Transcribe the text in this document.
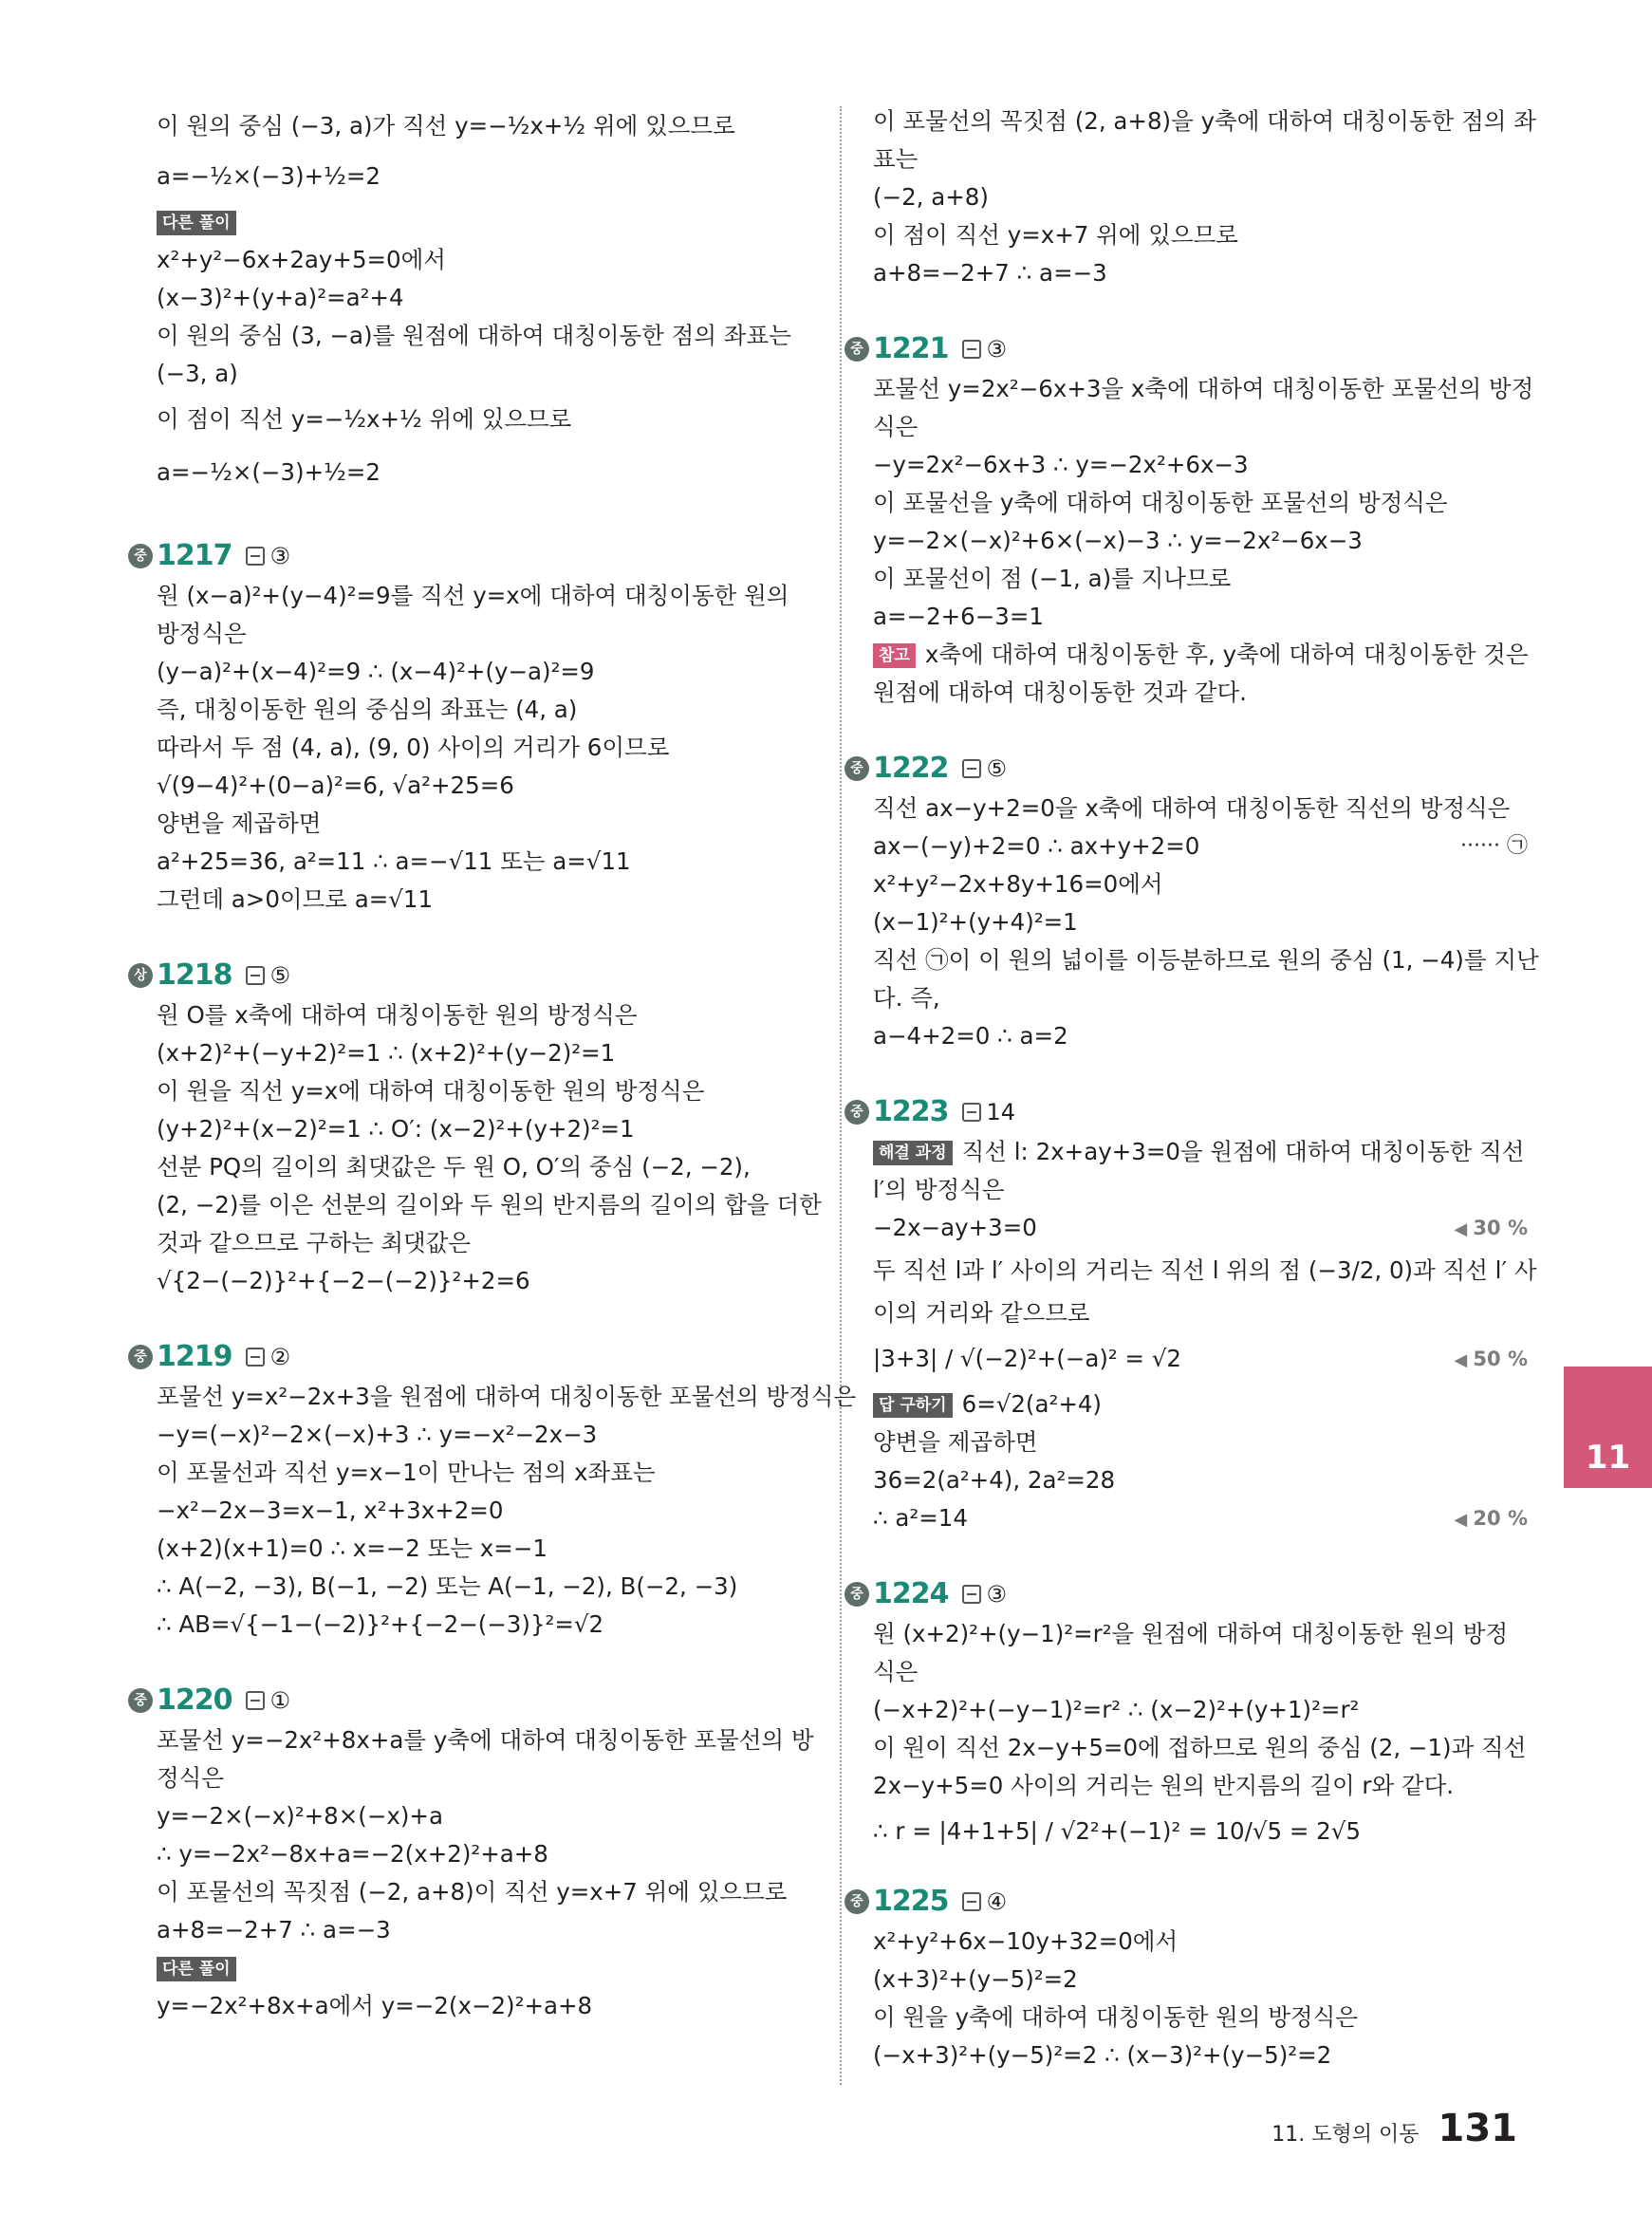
이 원의 중심 (−3, a)가 직선 y=−½x+½ 위에 있으므로
a=−½×(−3)+½=2
다른 풀이
x²+y²−6x+2ay+5=0에서
(x−3)²+(y+a)²=a²+4
이 원의 중심 (3, −a)를 원점에 대하여 대칭이동한 점의 좌표는
(−3, a)
이 점이 직선 y=−½x+½ 위에 있으므로
a=−½×(−3)+½=2
중 1217 ③
원 (x−a)²+(y−4)²=9를 직선 y=x에 대하여 대칭이동한 원의
방정식은
(y−a)²+(x−4)²=9 ∴ (x−4)²+(y−a)²=9
즉, 대칭이동한 원의 중심의 좌표는 (4, a)
따라서 두 점 (4, a), (9, 0) 사이의 거리가 6이므로
√(9−4)²+(0−a)²=6, √a²+25=6
양변을 제곱하면
a²+25=36, a²=11 ∴ a=−√11 또는 a=√11
그런데 a>0이므로 a=√11
상 1218 ⑤
원 O를 x축에 대하여 대칭이동한 원의 방정식은
(x+2)²+(−y+2)²=1 ∴ (x+2)²+(y−2)²=1
이 원을 직선 y=x에 대하여 대칭이동한 원의 방정식은
(y+2)²+(x−2)²=1 ∴ O′: (x−2)²+(y+2)²=1
선분 PQ의 길이의 최댓값은 두 원 O, O′의 중심 (−2, −2),
(2, −2)를 이은 선분의 길이와 두 원의 반지름의 길이의 합을 더한
것과 같으므로 구하는 최댓값은
√{2−(−2)}²+{−2−(−2)}²+2=6
중 1219 ②
포물선 y=x²−2x+3을 원점에 대하여 대칭이동한 포물선의 방정식은
−y=(−x)²−2×(−x)+3 ∴ y=−x²−2x−3
이 포물선과 직선 y=x−1이 만나는 점의 x좌표는
−x²−2x−3=x−1, x²+3x+2=0
(x+2)(x+1)=0 ∴ x=−2 또는 x=−1
∴ A(−2, −3), B(−1, −2) 또는 A(−1, −2), B(−2, −3)
∴ AB=√{−1−(−2)}²+{−2−(−3)}²=√2
중 1220 ①
포물선 y=−2x²+8x+a를 y축에 대하여 대칭이동한 포물선의 방
정식은
y=−2×(−x)²+8×(−x)+a
∴ y=−2x²−8x+a=−2(x+2)²+a+8
이 포물선의 꼭짓점 (−2, a+8)이 직선 y=x+7 위에 있으므로
a+8=−2+7 ∴ a=−3
다른 풀이
y=−2x²+8x+a에서 y=−2(x−2)²+a+8
이 포물선의 꼭짓점 (2, a+8)을 y축에 대하여 대칭이동한 점의 좌
표는
(−2, a+8)
이 점이 직선 y=x+7 위에 있으므로
a+8=−2+7 ∴ a=−3
중 1221 ③
포물선 y=2x²−6x+3을 x축에 대하여 대칭이동한 포물선의 방정
식은
−y=2x²−6x+3 ∴ y=−2x²+6x−3
이 포물선을 y축에 대하여 대칭이동한 포물선의 방정식은
y=−2×(−x)²+6×(−x)−3 ∴ y=−2x²−6x−3
이 포물선이 점 (−1, a)를 지나므로
a=−2+6−3=1
참고 x축에 대하여 대칭이동한 후, y축에 대하여 대칭이동한 것은
원점에 대하여 대칭이동한 것과 같다.
중 1222 ⑤
직선 ax−y+2=0을 x축에 대하여 대칭이동한 직선의 방정식은
ax−(−y)+2=0 ∴ ax+y+2=0	······ ㉠
x²+y²−2x+8y+16=0에서
(x−1)²+(y+4)²=1
직선 ㉠이 이 원의 넓이를 이등분하므로 원의 중심 (1, −4)를 지난
다. 즉,
a−4+2=0 ∴ a=2
중 1223 14
해결 과정 직선 l: 2x+ay+3=0을 원점에 대하여 대칭이동한 직선
l′의 방정식은
−2x−ay+3=0	◀ 30 %
두 직선 l과 l′ 사이의 거리는 직선 l 위의 점 (−3/2, 0)과 직선 l′ 사
이의 거리와 같으므로
|3+3| / √(−2)²+(−a)² = √2	◀ 50 %
답 구하기 6=√2(a²+4)
양변을 제곱하면
36=2(a²+4), 2a²=28
∴ a²=14	◀ 20 %
중 1224 ③
원 (x+2)²+(y−1)²=r²을 원점에 대하여 대칭이동한 원의 방정
식은
(−x+2)²+(−y−1)²=r² ∴ (x−2)²+(y+1)²=r²
이 원이 직선 2x−y+5=0에 접하므로 원의 중심 (2, −1)과 직선
2x−y+5=0 사이의 거리는 원의 반지름의 길이 r와 같다.
∴ r = |4+1+5| / √2²+(−1)² = 10/√5 = 2√5
중 1225 ④
x²+y²+6x−10y+32=0에서
(x+3)²+(y−5)²=2
이 원을 y축에 대하여 대칭이동한 원의 방정식은
(−x+3)²+(y−5)²=2 ∴ (x−3)²+(y−5)²=2
11
11. 도형의 이동 131
